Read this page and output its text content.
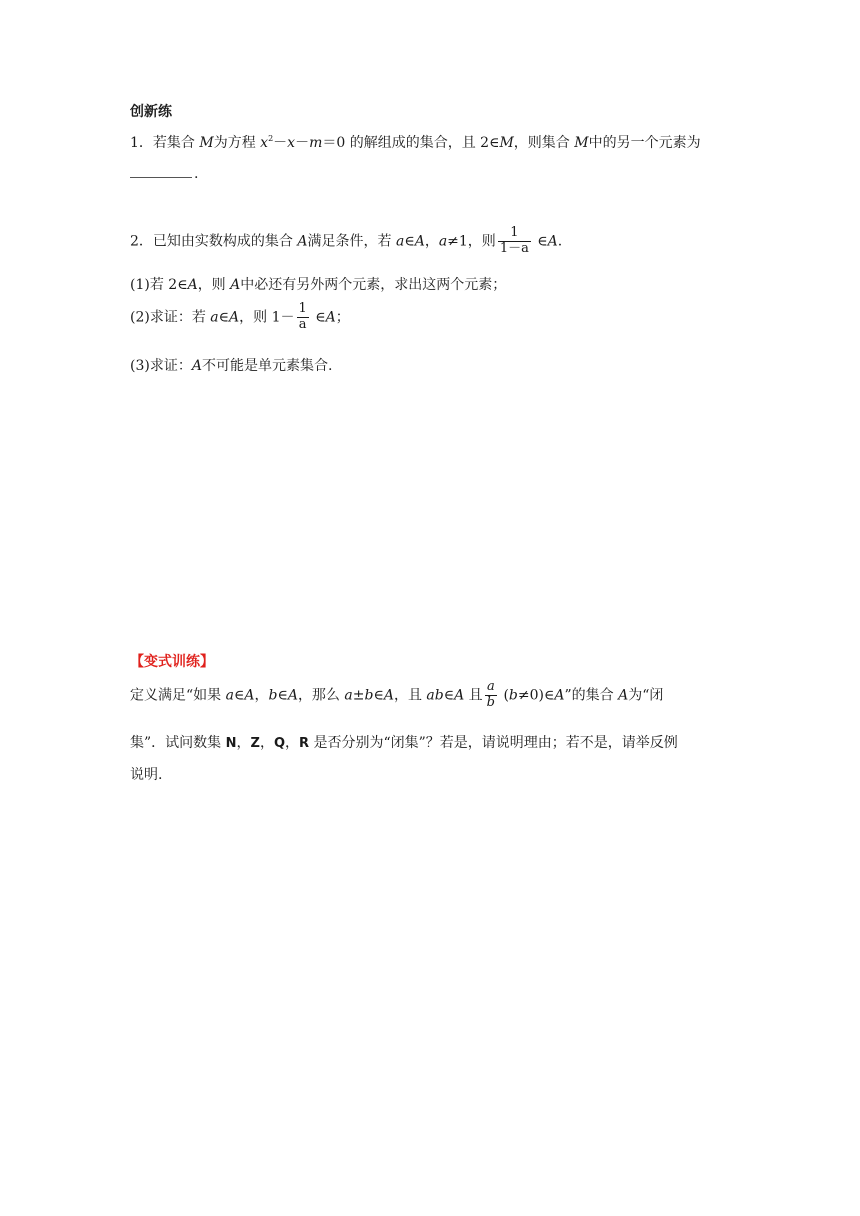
创新练
1．若集合 M为方程 $x^2-x-m=0$ 的解组成的集合，且 2∈M，则集合 M中的另一个元素为
.
2．已知由实数构成的集合 A满足条件，若 a∈A，a≠1，则 $\frac{1}{1-a}$ ∈A.
(1)若 2∈A，则 A中必还有另外两个元素，求出这两个元素；
(2)求证：若 a∈A，则 $1- \frac{1}{a}$ ∈A；
(3)求证：A不可能是单元素集合.
【变式训练】
定义满足“如果 a∈A，b∈A，那么 a±b∈A，且 ab∈A 且 $\frac{a}{b}$ (b≠0)∈A”的集合 A为“闭
集”．试问数集 N，Z，Q，R 是否分别为“闭集”？若是，请说明理由；若不是，请举反例
说明.
